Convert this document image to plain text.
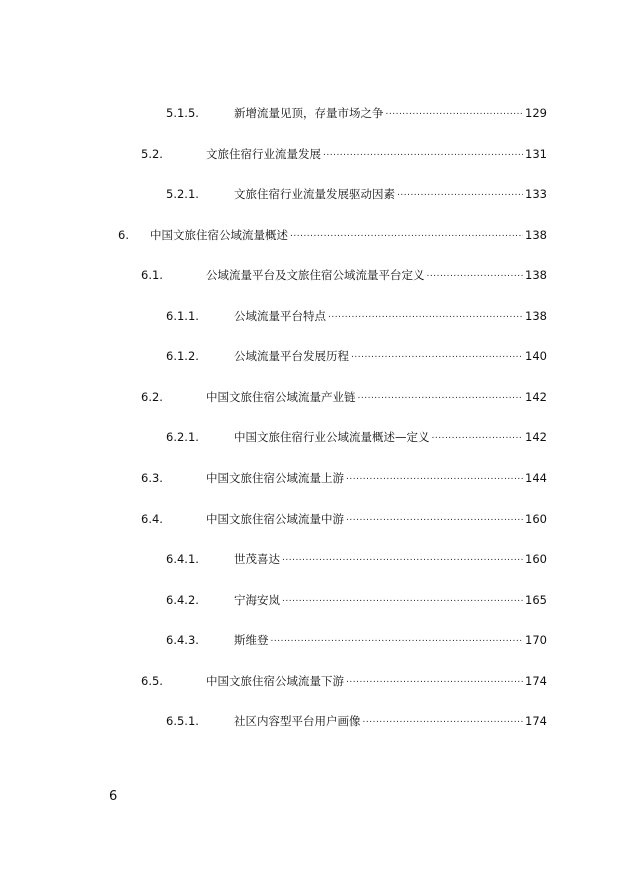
5.1.5.	新增流量见顶，存量市场之争 .....	129
5.2.	文旅住宿行业流量发展 .....	131
5.2.1.	文旅住宿行业流量发展驱动因素 .....	133
6. 中国文旅住宿公域流量概述 .....	138
6.1.	公域流量平台及文旅住宿公域流量平台定义 .....	138
6.1.1.	公域流量平台特点 .....	138
6.1.2.	公域流量平台发展历程 .....	140
6.2.	中国文旅住宿公域流量产业链 .....	142
6.2.1.	中国文旅住宿行业公域流量概述—定义 .....	142
6.3.	中国文旅住宿公域流量上游 .....	144
6.4.	中国文旅住宿公域流量中游 .....	160
6.4.1.	世茂喜达 .....	160
6.4.2.	宁海安岚 .....	165
6.4.3.	斯维登 .....	170
6.5.	中国文旅住宿公域流量下游 .....	174
6.5.1.	社区内容型平台用户画像 .....	174
6
